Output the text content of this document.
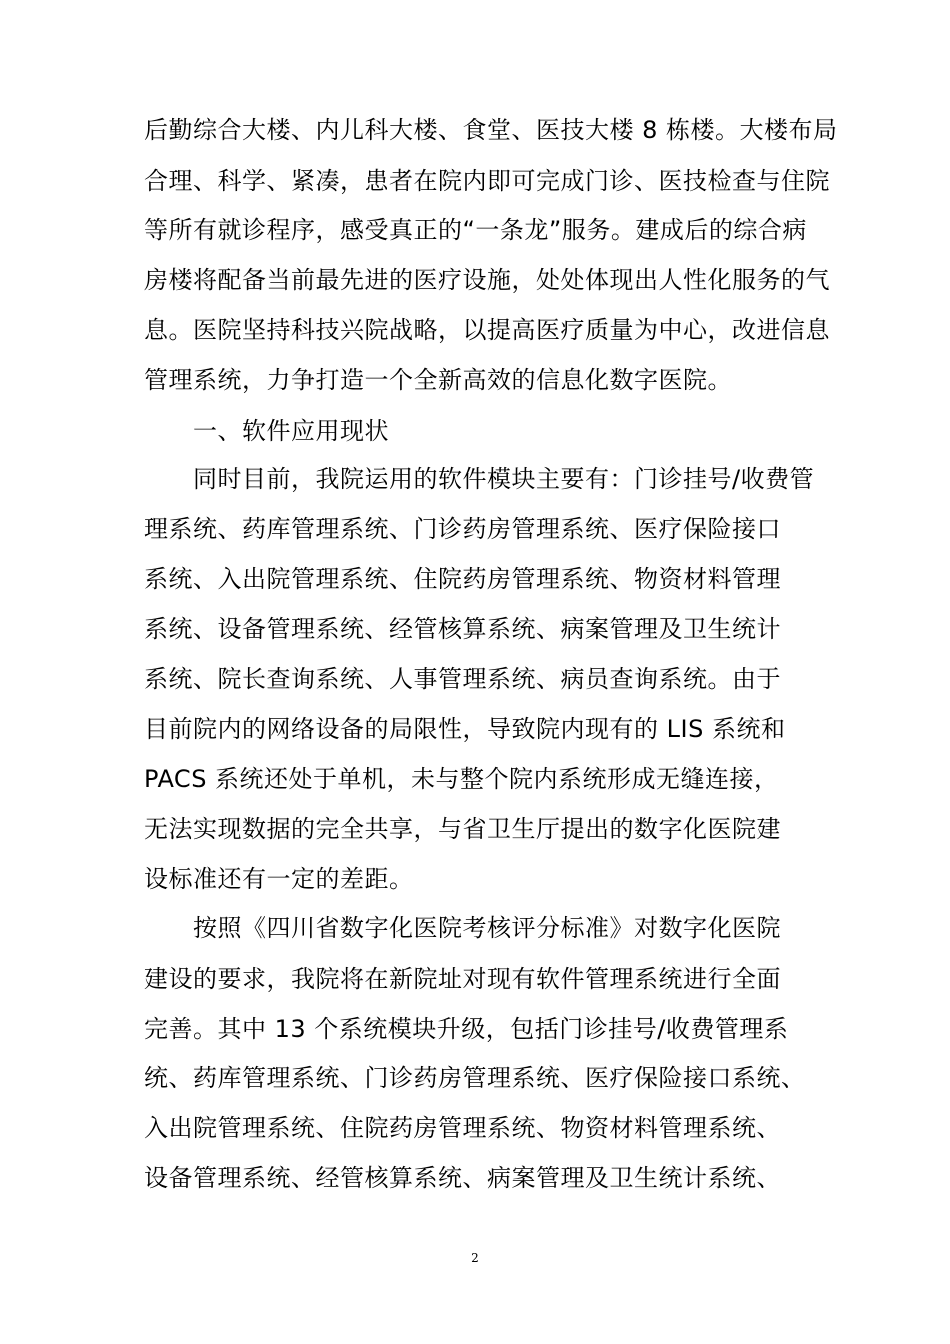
后勤综合大楼、内儿科大楼、食堂、医技大楼 8 栋楼。大楼布局
合理、科学、紧凑，患者在院内即可完成门诊、医技检查与住院
等所有就诊程序，感受真正的“一条龙”服务。建成后的综合病
房楼将配备当前最先进的医疗设施，处处体现出人性化服务的气
息。医院坚持科技兴院战略，以提高医疗质量为中心，改进信息
管理系统，力争打造一个全新高效的信息化数字医院。
一、软件应用现状
同时目前，我院运用的软件模块主要有：门诊挂号/收费管
理系统、药库管理系统、门诊药房管理系统、医疗保险接口
系统、入出院管理系统、住院药房管理系统、物资材料管理
系统、设备管理系统、经管核算系统、病案管理及卫生统计
系统、院长查询系统、人事管理系统、病员查询系统。由于
目前院内的网络设备的局限性，导致院内现有的 LIS 系统和
PACS 系统还处于单机，未与整个院内系统形成无缝连接，
无法实现数据的完全共享，与省卫生厅提出的数字化医院建
设标准还有一定的差距。
按照《四川省数字化医院考核评分标准》对数字化医院
建设的要求，我院将在新院址对现有软件管理系统进行全面
完善。其中 13 个系统模块升级，包括门诊挂号/收费管理系
统、药库管理系统、门诊药房管理系统、医疗保险接口系统、
入出院管理系统、住院药房管理系统、物资材料管理系统、
设备管理系统、经管核算系统、病案管理及卫生统计系统、
2
